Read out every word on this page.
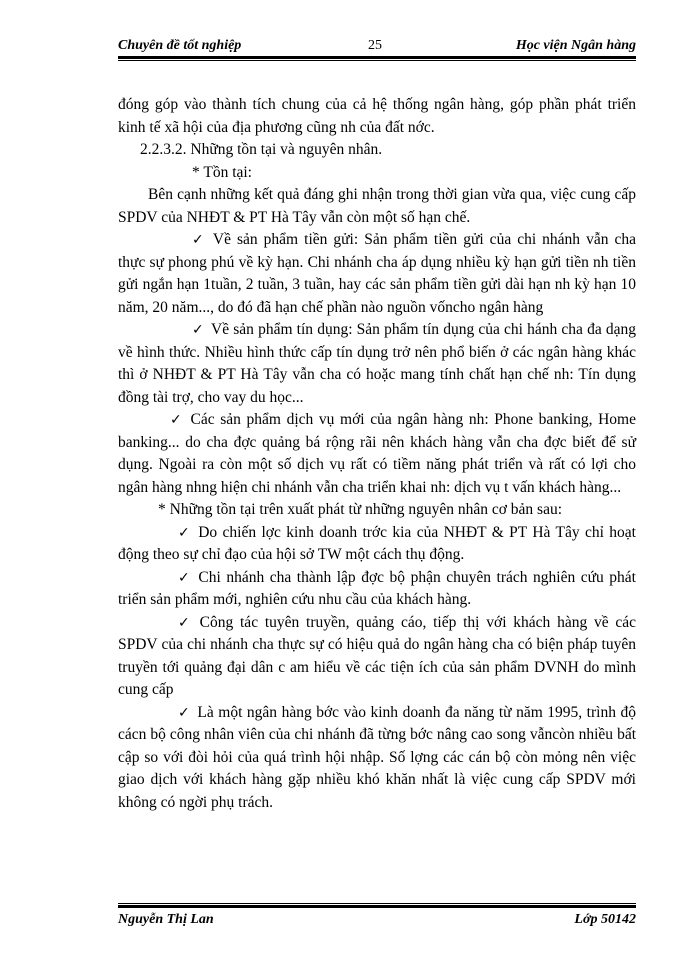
Chuyên đề tốt nghiệp	25	Học viện Ngân hàng

đóng góp vào thành tích chung của cả hệ thống ngân hàng, góp phần phát triển kinh tế xã hội của địa phương cũng nh của đất nớc.

2.2.3.2. Những tồn tại và nguyên nhân.

* Tồn tại:

Bên cạnh những kết quả đáng ghi nhận trong thời gian vừa qua, việc cung cấp SPDV của NHĐT & PT Hà Tây vẫn còn một số hạn chế.

✓ Về sản phẩm tiền gửi: Sản phẩm tiền gửi của chi nhánh vẫn cha thực sự phong phú về kỳ hạn. Chi nhánh cha áp dụng nhiều kỳ hạn gửi tiền nh tiền gửi ngắn hạn 1tuần, 2 tuần, 3 tuần, hay các sản phẩm tiền gửi dài hạn nh kỳ hạn 10 năm, 20 năm..., do đó đã hạn chế phần nào nguồn vốncho ngân hàng

✓ Về sản phẩm tín dụng: Sản phẩm tín dụng của chi hánh cha đa dạng về hình thức. Nhiều hình thức cấp tín dụng trở nên phổ biến ở các ngân hàng khác thì ở NHĐT & PT Hà Tây vẫn cha có hoặc mang tính chất hạn chế nh: Tín dụng đồng tài trợ, cho vay du học...

✓ Các sản phẩm dịch vụ mới của ngân hàng nh: Phone banking, Home banking... do cha đợc quảng bá rộng rãi nên khách hàng vẫn cha đợc biết để sử dụng. Ngoài ra còn một số dịch vụ rất có tiềm năng phát triển và rất có lợi cho ngân hàng nhng hiện chi nhánh vẫn cha triển khai nh: dịch vụ t vấn khách hàng...

* Những tồn tại trên xuất phát từ những nguyên nhân cơ bản sau:

✓ Do chiến lợc kinh doanh trớc kia của NHĐT & PT Hà Tây chỉ hoạt động theo sự chỉ đạo của hội sở TW một cách thụ động.

✓ Chi nhánh cha thành lập đợc bộ phận chuyên trách nghiên cứu phát triển sản phẩm mới, nghiên cứu nhu cầu của khách hàng.

✓ Công tác tuyên truyền, quảng cáo, tiếp thị với khách hàng về các SPDV của chi nhánh cha thực sự có hiệu quả do ngân hàng cha có biện pháp tuyên truyền tới quảng đại dân c am hiểu về các tiện ích của sản phẩm DVNH do mình cung cấp

✓ Là một ngân hàng bớc vào kinh doanh đa năng từ năm 1995, trình độ cácn bộ công nhân viên của chi nhánh đã từng bớc nâng cao song vẫncòn nhiều bất cập so với đòi hỏi của quá trình hội nhập. Số lợng các cán bộ còn mỏng nên việc giao dịch với khách hàng gặp nhiều khó khăn nhất là việc cung cấp SPDV mới không có ngời phụ trách.

Nguyễn Thị Lan	Lớp 50142
